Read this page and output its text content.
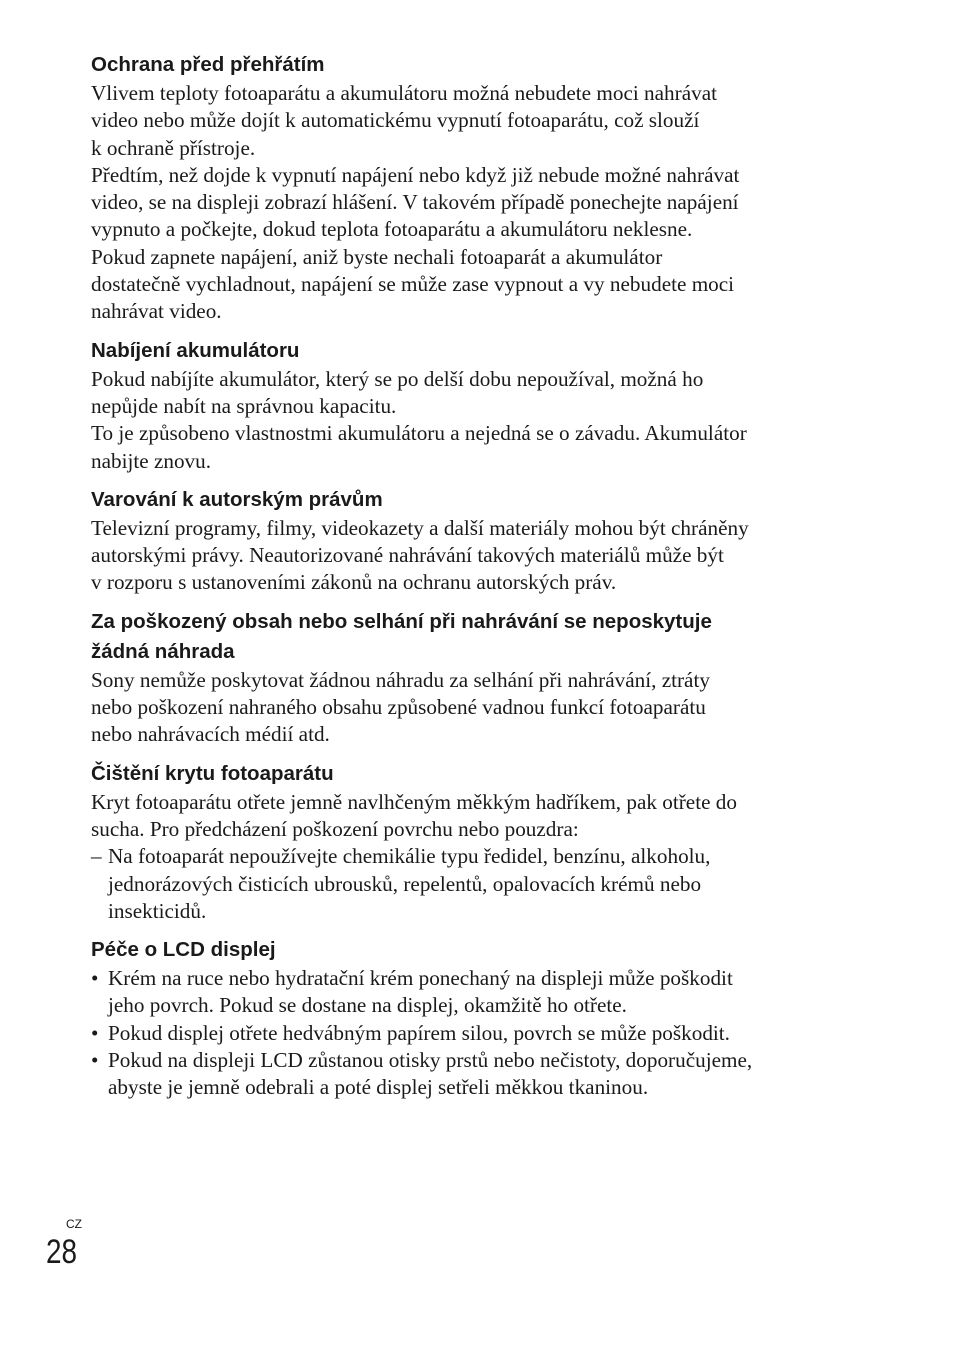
Ochrana před přehřátím

Vlivem teploty fotoaparátu a akumulátoru možná nebudete moci nahrávat

video nebo může dojít k automatickému vypnutí fotoaparátu, což slouží

k ochraně přístroje.

Předtím, než dojde k vypnutí napájení nebo když již nebude možné nahrávat

video, se na displeji zobrazí hlášení. V takovém případě ponechejte napájení

vypnuto a počkejte, dokud teplota fotoaparátu a akumulátoru neklesne.

Pokud zapnete napájení, aniž byste nechali fotoaparát a akumulátor

dostatečně vychladnout, napájení se může zase vypnout a vy nebudete moci

nahrávat video.

Nabíjení akumulátoru

Pokud nabíjíte akumulátor, který se po delší dobu nepoužíval, možná ho

nepůjde nabít na správnou kapacitu.

To je způsobeno vlastnostmi akumulátoru a nejedná se o závadu. Akumulátor

nabijte znovu.

Varování k autorským právům

Televizní programy, filmy, videokazety a další materiály mohou být chráněny

autorskými právy. Neautorizované nahrávání takových materiálů může být

v rozporu s ustanoveními zákonů na ochranu autorských práv.

Za poškozený obsah nebo selhání při nahrávání se neposkytuje
žádná náhrada

Sony nemůže poskytovat žádnou náhradu za selhání při nahrávání, ztráty

nebo poškození nahraného obsahu způsobené vadnou funkcí fotoaparátu

nebo nahrávacích médií atd.

Čištění krytu fotoaparátu

Kryt fotoaparátu otřete jemně navlhčeným měkkým hadříkem, pak otřete do

sucha. Pro předcházení poškození povrchu nebo pouzdra:

– Na fotoaparát nepoužívejte chemikálie typu ředidel, benzínu, alkoholu,

jednorázových čisticích ubrousků, repelentů, opalovacích krémů nebo

insekticidů.

Péče o LCD displej

• Krém na ruce nebo hydratační krém ponechaný na displeji může poškodit

jeho povrch. Pokud se dostane na displej, okamžitě ho otřete.

• Pokud displej otřete hedvábným papírem silou, povrch se může poškodit.

• Pokud na displeji LCD zůstanou otisky prstů nebo nečistoty, doporučujeme,

abyste je jemně odebrali a poté displej setřeli měkkou tkaninou.

CZ
28
